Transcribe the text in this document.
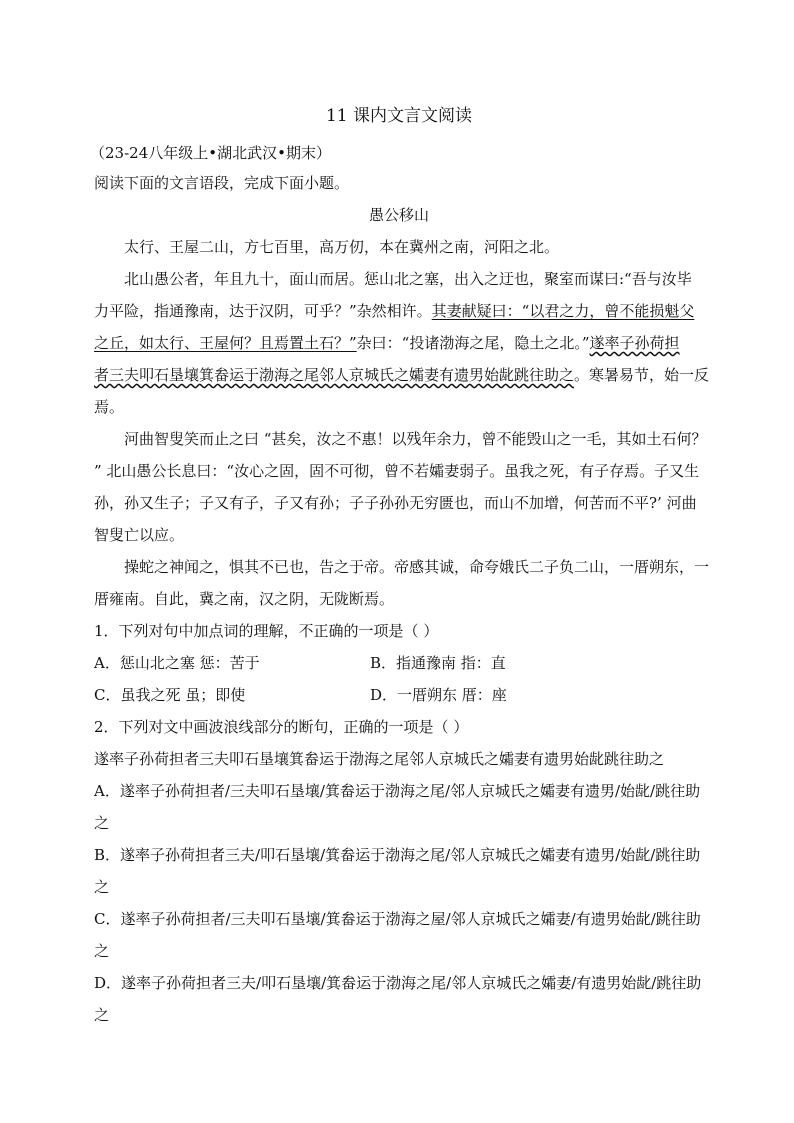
11 课内文言文阅读
（23-24八年级上•湖北武汉•期末）
阅读下面的文言语段，完成下面小题。
愚公移山
太行、王屋二山，方七百里，高万仞，本在冀州之南，河阳之北。
北山愚公者，年且九十，面山而居。惩山北之塞，出入之迂也，聚室而谋曰:“吾与汝毕
力平险，指通豫南，达于汉阴，可乎？”杂然相许。其妻献疑曰：“以君之力，曾不能损魁父
之丘，如太行、王屋何？且焉置土石？”杂曰：“投诸渤海之尾，隐土之北。”遂率子孙荷担
者三夫叩石垦壤箕畚运于渤海之尾邻人京城氏之孀妻有遗男始龀跳往助之。寒暑易节，始一反
焉。
河曲智叟笑而止之曰 “甚矣，汝之不惠！以残年余力，曾不能毁山之一毛，其如土石何？
” 北山愚公长息曰：“汝心之固，固不可彻，曾不若孀妻弱子。虽我之死，有子存焉。子又生
孙，孙又生子；子又有子，子又有孙；子子孙孙无穷匮也，而山不加增，何苦而不平?’ 河曲
智叟亡以应。
操蛇之神闻之，惧其不已也，告之于帝。帝感其诚，命夸娥氏二子负二山，一厝朔东，一
厝雍南。自此，冀之南，汉之阴，无陇断焉。
1．下列对句中加点词的理解，不正确的一项是（ ）
A．惩山北之塞 惩：苦于	B．指通豫南 指：直
C．虽我之死 虽；即使	D．一厝朔东 厝：座
2．下列对文中画波浪线部分的断句，正确的一项是（ ）
遂率子孙荷担者三夫叩石垦壤箕畚运于渤海之尾邻人京城氏之孀妻有遗男始龀跳往助之
A．遂率子孙荷担者/三夫叩石垦壤/箕畚运于渤海之尾/邻人京城氏之孀妻有遗男/始龀/跳往助
之
B．遂率子孙荷担者三夫/叩石垦壤/箕畚运于渤海之尾/邻人京城氏之孀妻有遗男/始龀/跳往助
之
C．遂率子孙荷担者/三夫叩石垦壤/箕畚运于渤海之屋/邻人京城氏之孀妻/有遗男始龀/跳往助
之
D．遂率子孙荷担者三夫/叩石垦壤/箕畚运于渤海之尾/邻人京城氏之孀妻/有遗男始龀/跳往助
之
